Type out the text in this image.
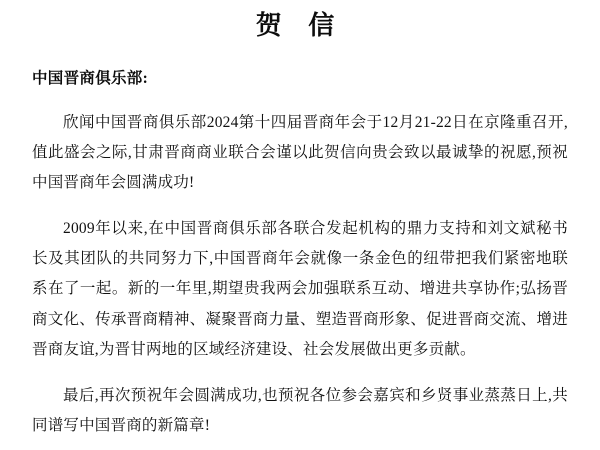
贺 信
中国晋商俱乐部:

欣闻中国晋商俱乐部2024第十四届晋商年会于12月21-22日在京隆重召开,值此盛会之际,甘肃晋商商业联合会谨以此贺信向贵会致以最诚挚的祝愿,预祝中国晋商年会圆满成功!

2009年以来,在中国晋商俱乐部各联合发起机构的鼎力支持和刘文斌秘书长及其团队的共同努力下,中国晋商年会就像一条金色的纽带把我们紧密地联系在了一起。新的一年里,期望贵我两会加强联系互动、增进共享协作;弘扬晋商文化、传承晋商精神、凝聚晋商力量、塑造晋商形象、促进晋商交流、增进晋商友谊,为晋甘两地的区域经济建设、社会发展做出更多贡献。

最后,再次预祝年会圆满成功,也预祝各位参会嘉宾和乡贤事业蒸蒸日上,共同谱写中国晋商的新篇章!
